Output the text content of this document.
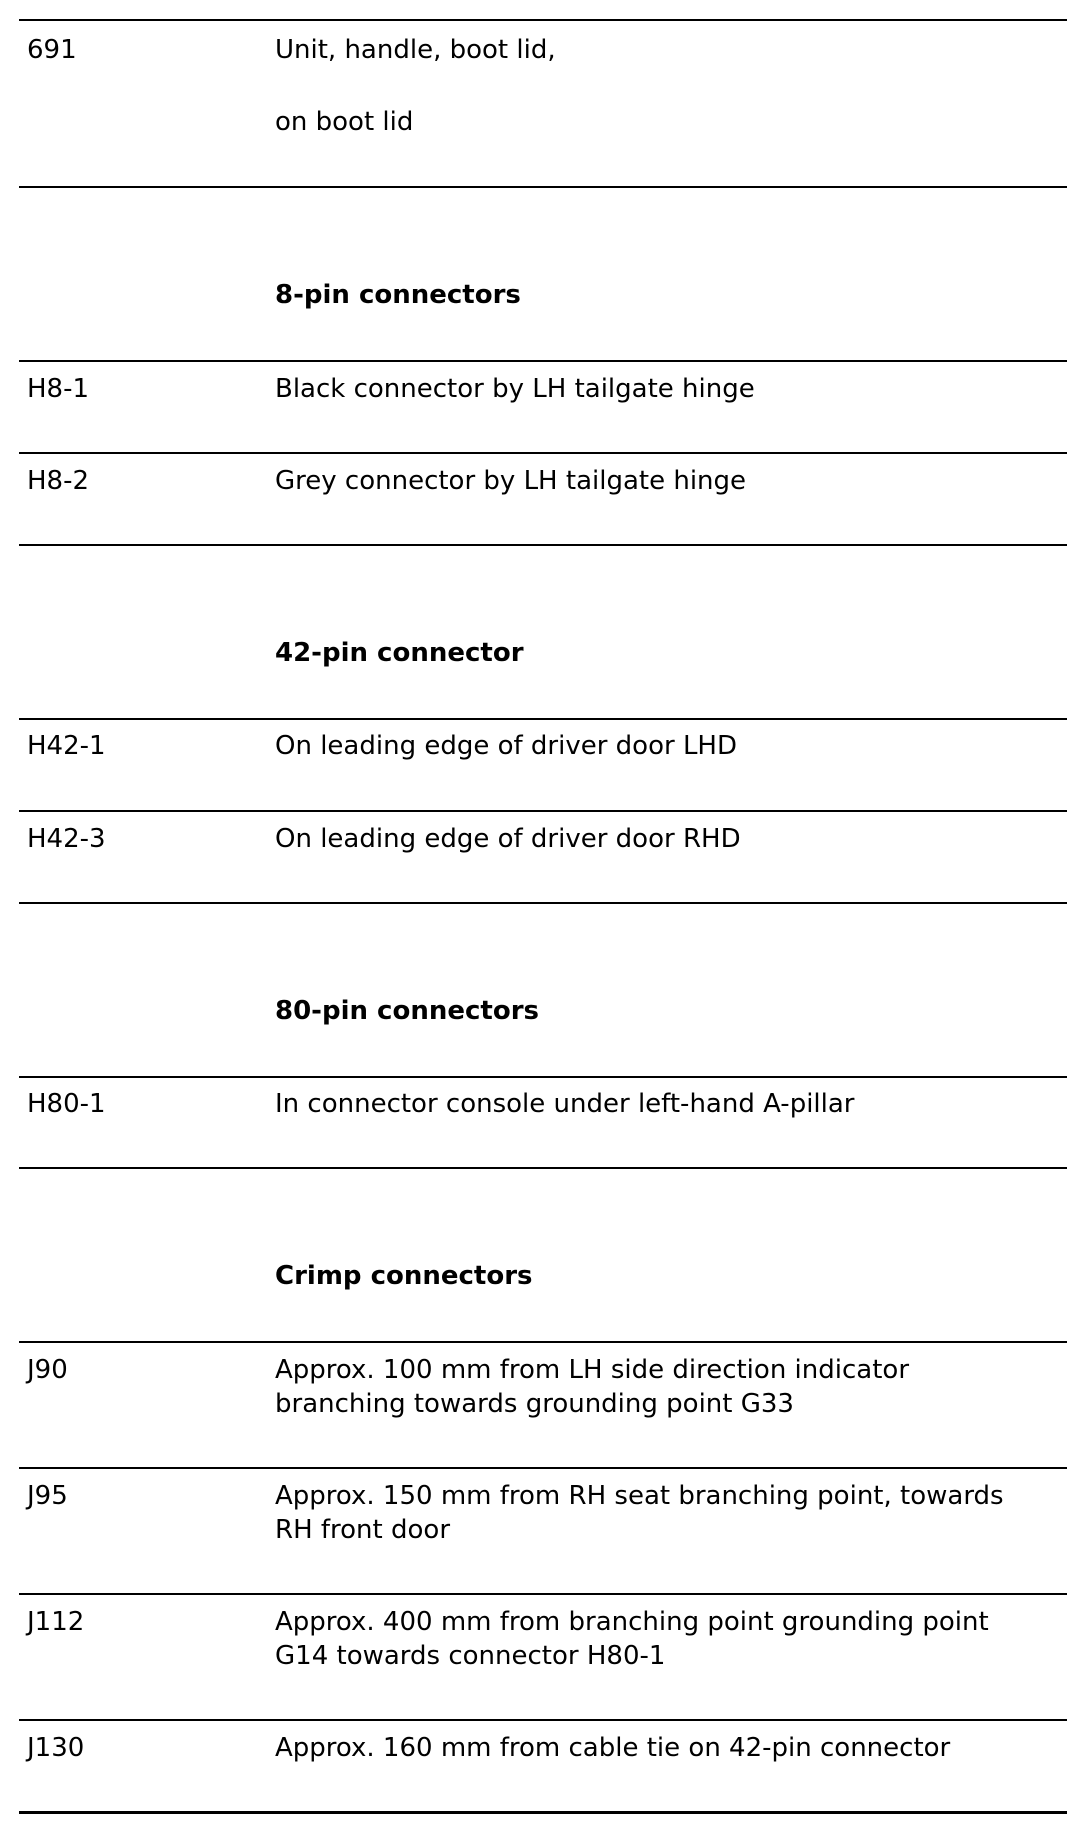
691	Unit, handle, boot lid,
on boot lid
8-pin connectors
H8-1	Black connector by LH tailgate hinge
H8-2	Grey connector by LH tailgate hinge
42-pin connector
H42-1	On leading edge of driver door LHD
H42-3	On leading edge of driver door RHD
80-pin connectors
H80-1	In connector console under left-hand A-pillar
Crimp connectors
J90	Approx. 100 mm from LH side direction indicator
branching towards grounding point G33
J95	Approx. 150 mm from RH seat branching point, towards
RH front door
J112	Approx. 400 mm from branching point grounding point
G14 towards connector H80-1
J130	Approx. 160 mm from cable tie on 42-pin connector
